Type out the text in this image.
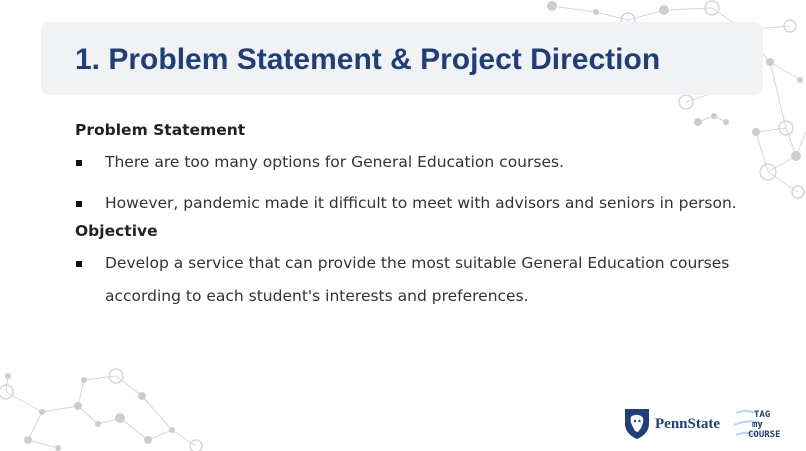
1. Problem Statement & Project Direction

Problem Statement

There are too many options for General Education courses.
However, pandemic made it difficult to meet with advisors and seniors in person.

Objective

Develop a service that can provide the most suitable General Education courses according to each student's interests and preferences.
PennState
TAG
my
COURSE
